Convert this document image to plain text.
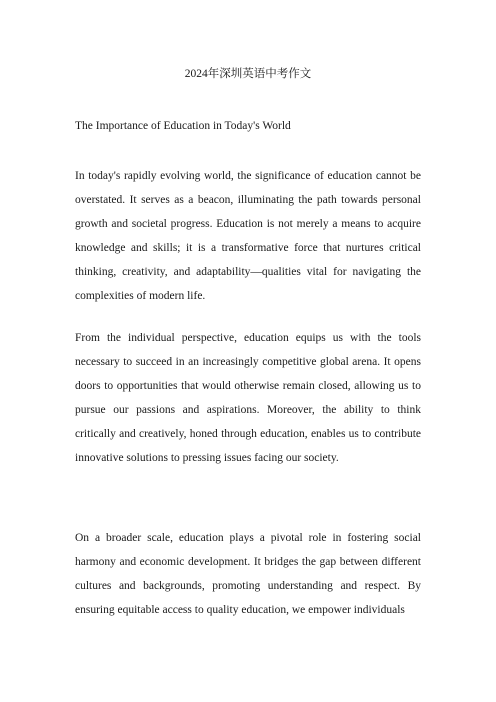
2024年深圳英语中考作文
The Importance of Education in Today's World

In today's rapidly evolving world, the significance of education cannot be overstated. It serves as a beacon, illuminating the path towards personal growth and societal progress. Education is not merely a means to acquire knowledge and skills; it is a transformative force that nurtures critical thinking, creativity, and adaptability—qualities vital for navigating the complexities of modern life.

From the individual perspective, education equips us with the tools necessary to succeed in an increasingly competitive global arena. It opens doors to opportunities that would otherwise remain closed, allowing us to pursue our passions and aspirations. Moreover, the ability to think critically and creatively, honed through education, enables us to contribute innovative solutions to pressing issues facing our society.

On a broader scale, education plays a pivotal role in fostering social harmony and economic development. It bridges the gap between different cultures and backgrounds, promoting understanding and respect. By ensuring equitable access to quality education, we empower individuals
